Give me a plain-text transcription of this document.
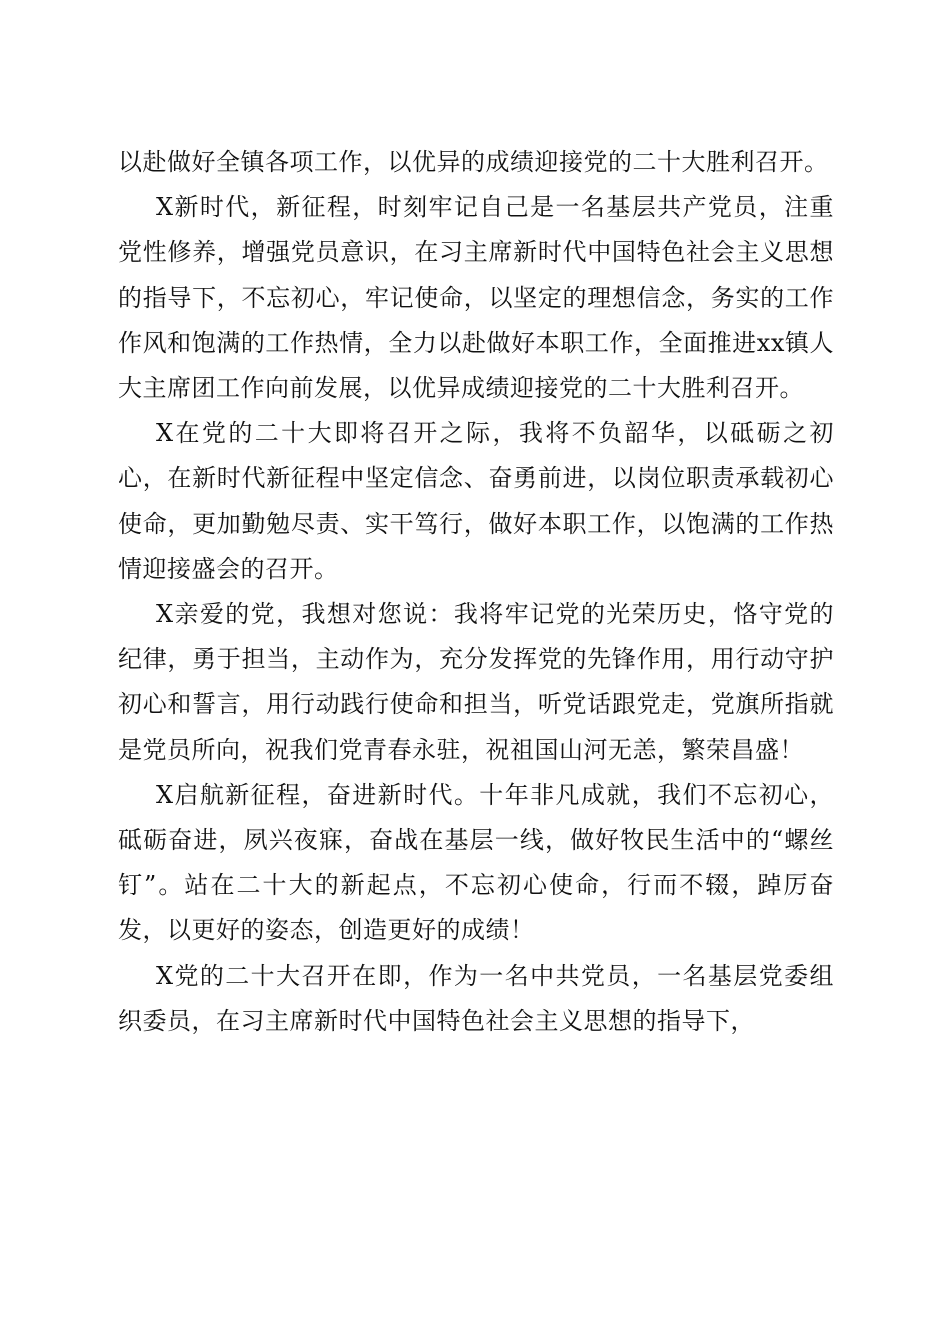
以赴做好全镇各项工作，以优异的成绩迎接党的二十大胜利召开。

X新时代，新征程，时刻牢记自己是一名基层共产党员，注重党性修养，增强党员意识，在习主席新时代中国特色社会主义思想的指导下，不忘初心，牢记使命，以坚定的理想信念，务实的工作作风和饱满的工作热情，全力以赴做好本职工作，全面推进xx镇人大主席团工作向前发展，以优异成绩迎接党的二十大胜利召开。

X在党的二十大即将召开之际，我将不负韶华，以砥砺之初心，在新时代新征程中坚定信念、奋勇前进，以岗位职责承载初心使命，更加勤勉尽责、实干笃行，做好本职工作，以饱满的工作热情迎接盛会的召开。

X亲爱的党，我想对您说：我将牢记党的光荣历史，恪守党的纪律，勇于担当，主动作为，充分发挥党的先锋作用，用行动守护初心和誓言，用行动践行使命和担当，听党话跟党走，党旗所指就是党员所向，祝我们党青春永驻，祝祖国山河无恙，繁荣昌盛！

X启航新征程，奋进新时代。十年非凡成就，我们不忘初心，砥砺奋进，夙兴夜寐，奋战在基层一线，做好牧民生活中的“螺丝钉”。站在二十大的新起点，不忘初心使命，行而不辍，踔厉奋发，以更好的姿态，创造更好的成绩！

X党的二十大召开在即，作为一名中共党员，一名基层党委组织委员，在习主席新时代中国特色社会主义思想的指导下，
